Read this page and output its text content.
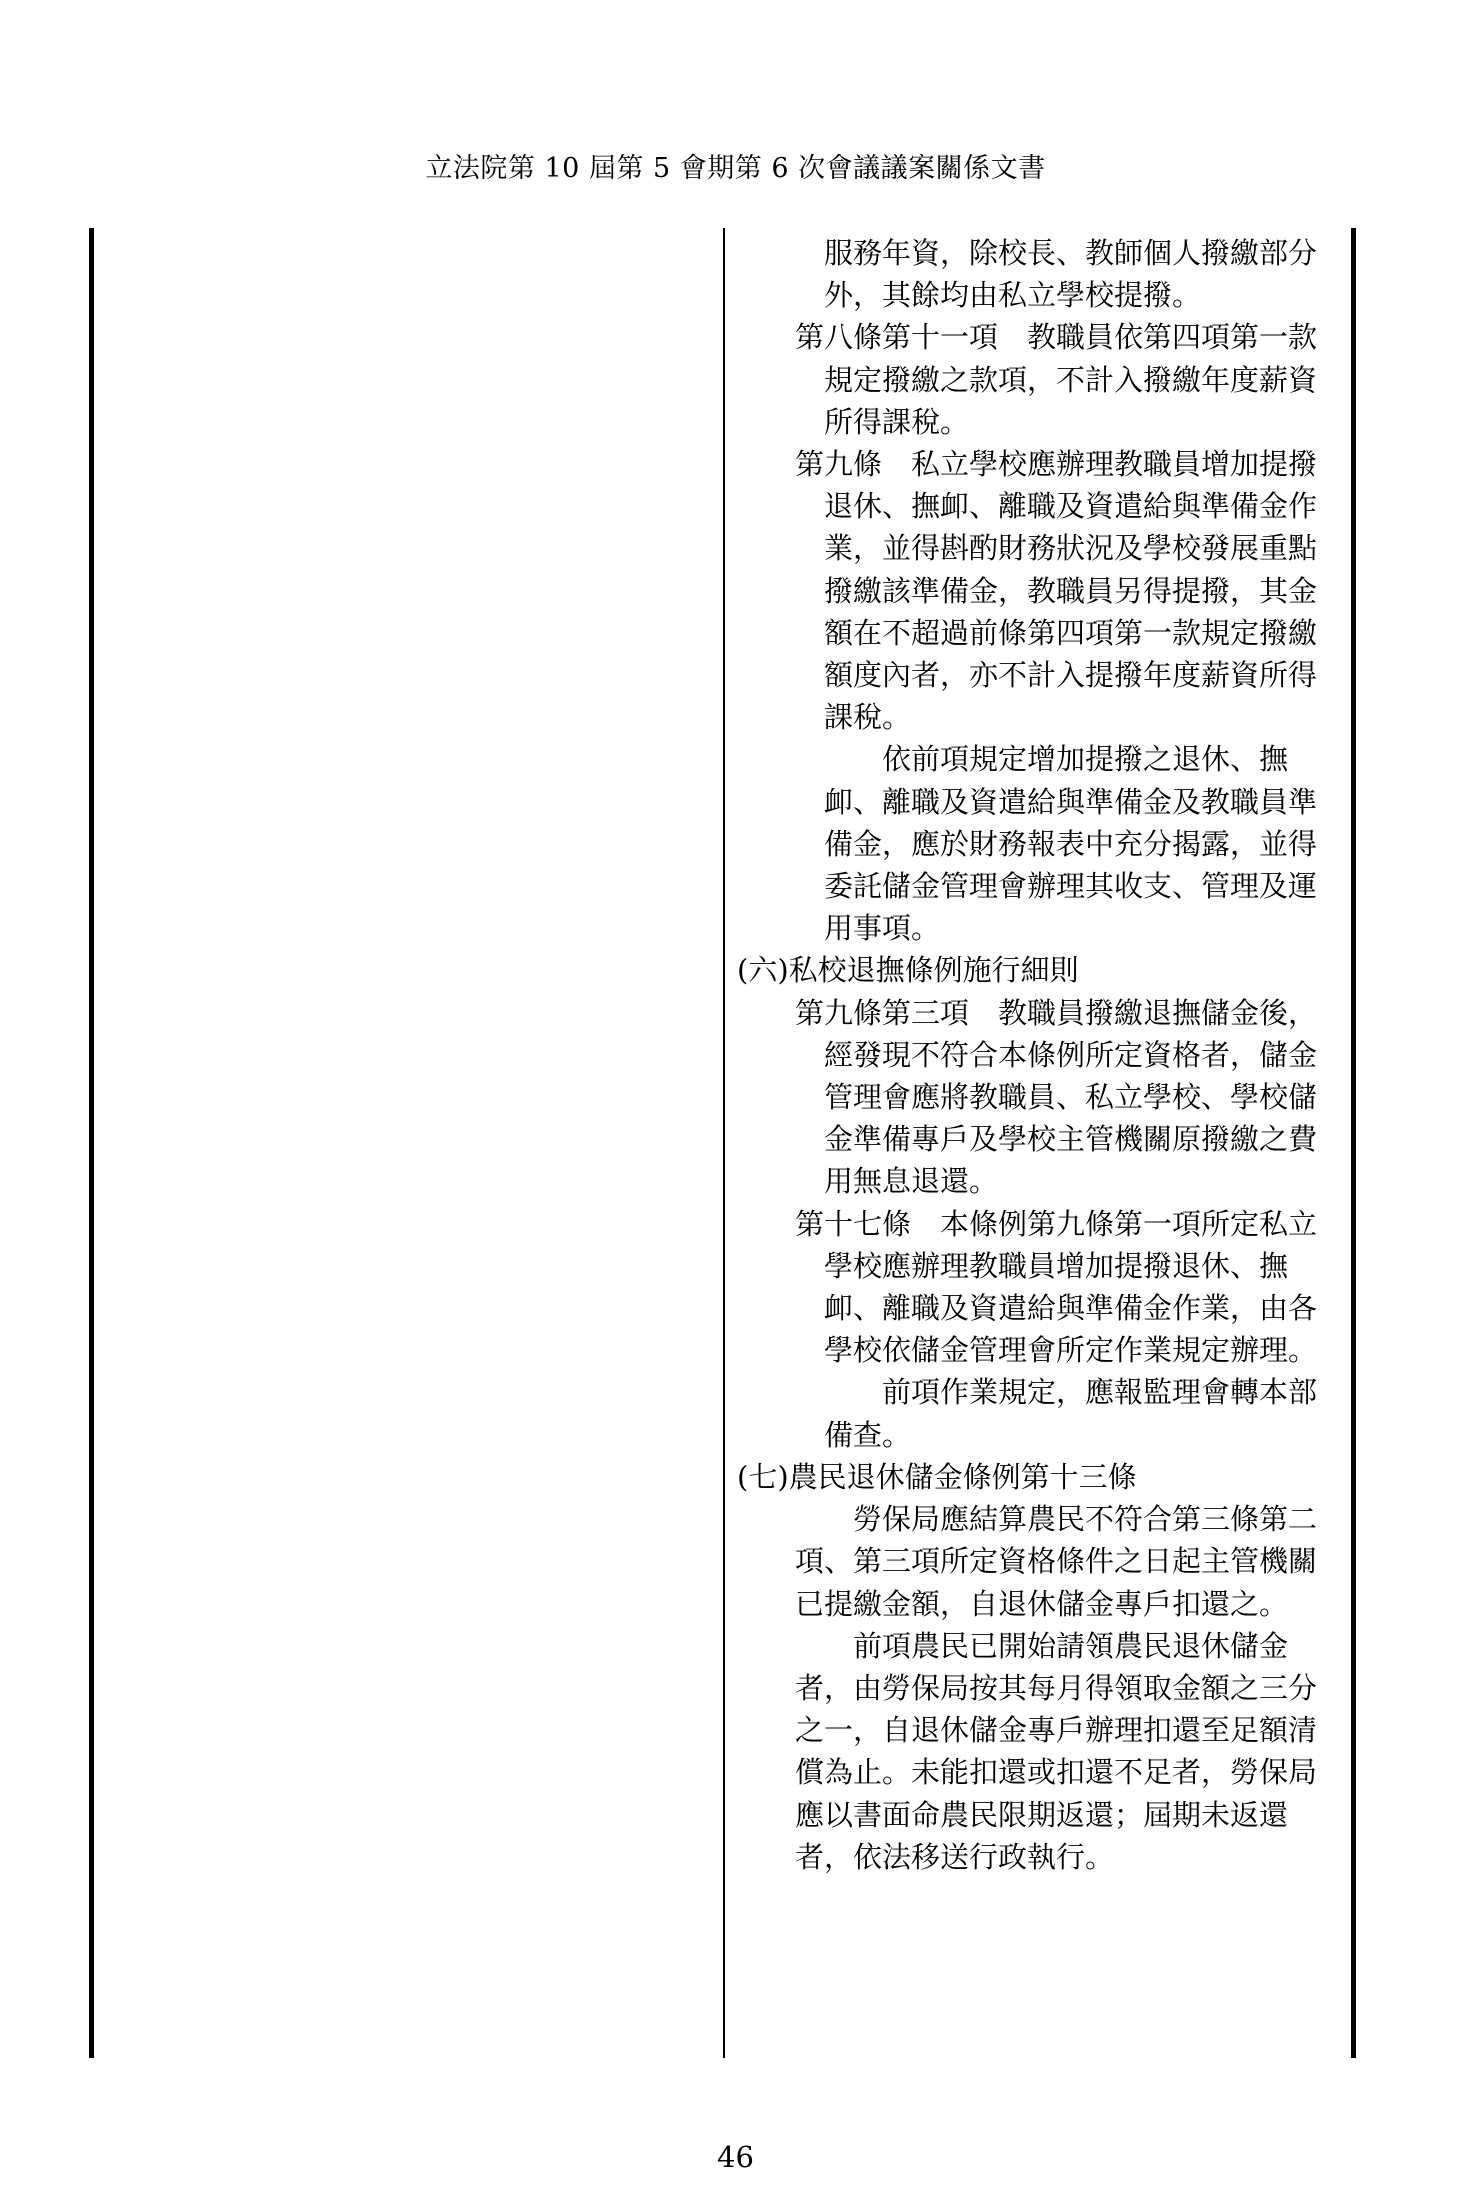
立法院第 10 屆第 5 會期第 6 次會議議案關係文書

服務年資，除校長、教師個人撥繳部分外，其餘均由私立學校提撥。

第八條第十一項　教職員依第四項第一款規定撥繳之款項，不計入撥繳年度薪資所得課稅。

第九條　私立學校應辦理教職員增加提撥退休、撫卹、離職及資遣給與準備金作業，並得斟酌財務狀況及學校發展重點撥繳該準備金，教職員另得提撥，其金額在不超過前條第四項第一款規定撥繳額度內者，亦不計入提撥年度薪資所得課稅。

依前項規定增加提撥之退休、撫卹、離職及資遣給與準備金及教職員準備金，應於財務報表中充分揭露，並得委託儲金管理會辦理其收支、管理及運用事項。

(六)私校退撫條例施行細則

第九條第三項　教職員撥繳退撫儲金後，經發現不符合本條例所定資格者，儲金管理會應將教職員、私立學校、學校儲金準備專戶及學校主管機關原撥繳之費用無息退還。

第十七條　本條例第九條第一項所定私立學校應辦理教職員增加提撥退休、撫卹、離職及資遣給與準備金作業，由各學校依儲金管理會所定作業規定辦理。

前項作業規定，應報監理會轉本部備查。

(七)農民退休儲金條例第十三條

勞保局應結算農民不符合第三條第二項、第三項所定資格條件之日起主管機關已提繳金額，自退休儲金專戶扣還之。

前項農民已開始請領農民退休儲金者，由勞保局按其每月得領取金額之三分之一，自退休儲金專戶辦理扣還至足額清償為止。未能扣還或扣還不足者，勞保局應以書面命農民限期返還；屆期未返還者，依法移送行政執行。

46
